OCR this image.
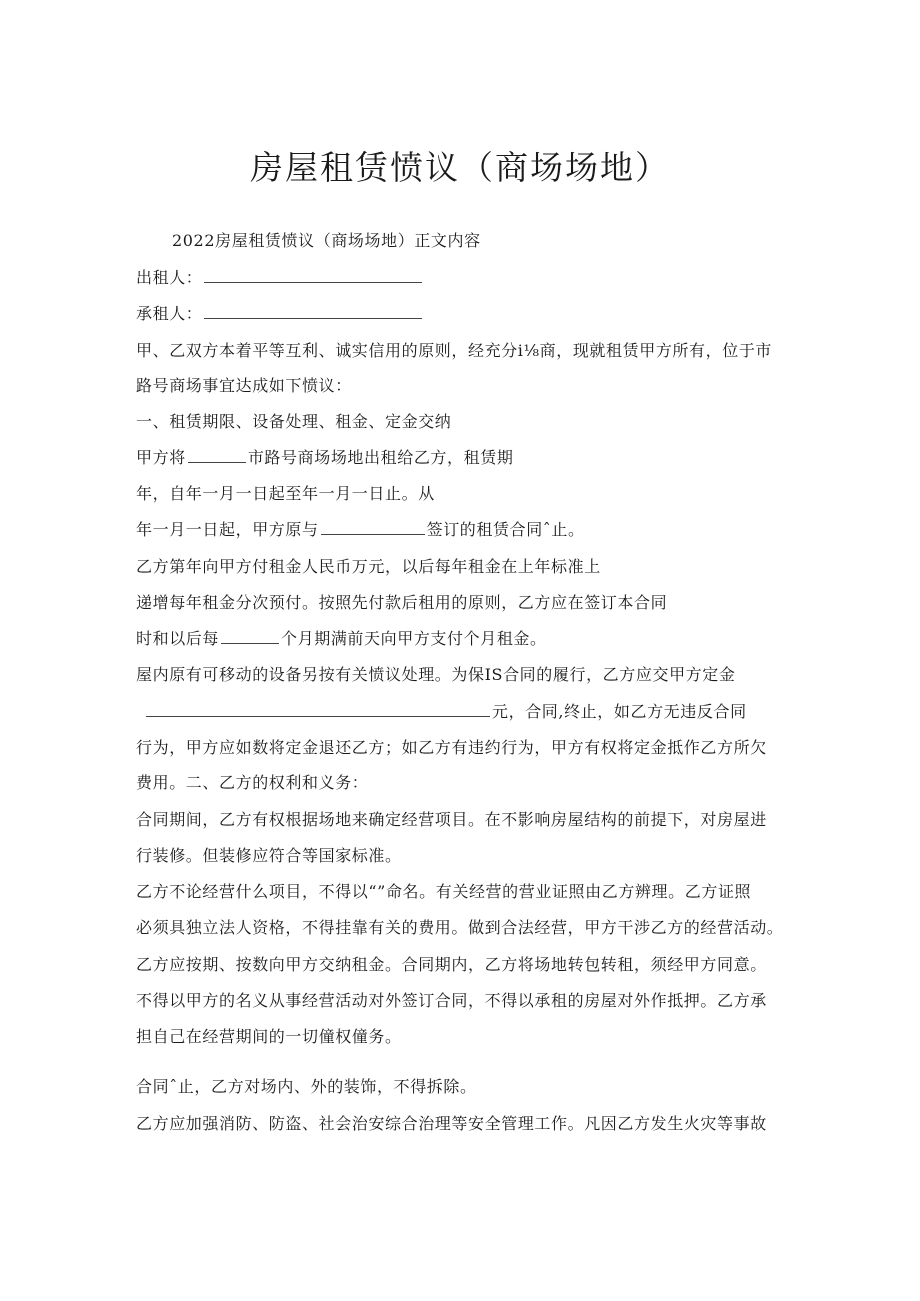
房屋租赁愤议（商场场地）
2022房屋租赁愤议（商场场地）正文内容
出租人：
承租人：
甲、乙双方本着平等互利、诚实信用的原则，经充分i⅛商，现就租赁甲方所有，位于市
路号商场事宜达成如下愤议：
一、租赁期限、设备处理、租金、定金交纳
甲方将	市路号商场场地出租给乙方，租赁期
年，自年一月一日起至年一月一日止。从
年一月一日起，甲方原与	签订的租赁合同ˆ止。
乙方第年向甲方付租金人民币万元，以后每年租金在上年标准上
递增每年租金分次预付。按照先付款后租用的原则，乙方应在签订本合同
时和以后每	个月期满前天向甲方支付个月租金。
屋内原有可移动的设备另按有关愤议处理。为保IS合同的履行，乙方应交甲方定金
元，合同,终止，如乙方无违反合同
行为，甲方应如数将定金退还乙方；如乙方有违约行为，甲方有权将定金抵作乙方所欠
费用。二、乙方的权利和义务：
合同期间，乙方有权根据场地来确定经营项目。在不影响房屋结构的前提下，对房屋进
行装修。但装修应符合等国家标准。
乙方不论经营什么项目，不得以“”命名。有关经营的营业证照由乙方辨理。乙方证照
必须具独立法人资格，不得挂靠有关的费用。做到合法经营，甲方干涉乙方的经营活动。
乙方应按期、按数向甲方交纳租金。合同期内，乙方将场地转包转租，须经甲方同意。
不得以甲方的名义从事经营活动对外签订合同，不得以承租的房屋对外作抵押。乙方承
担自己在经营期间的一切僮权僮务。
合同ˆ止，乙方对场内、外的装饰，不得拆除。
乙方应加强消防、防盗、社会治安综合治理等安全管理工作。凡因乙方发生火灾等事故
